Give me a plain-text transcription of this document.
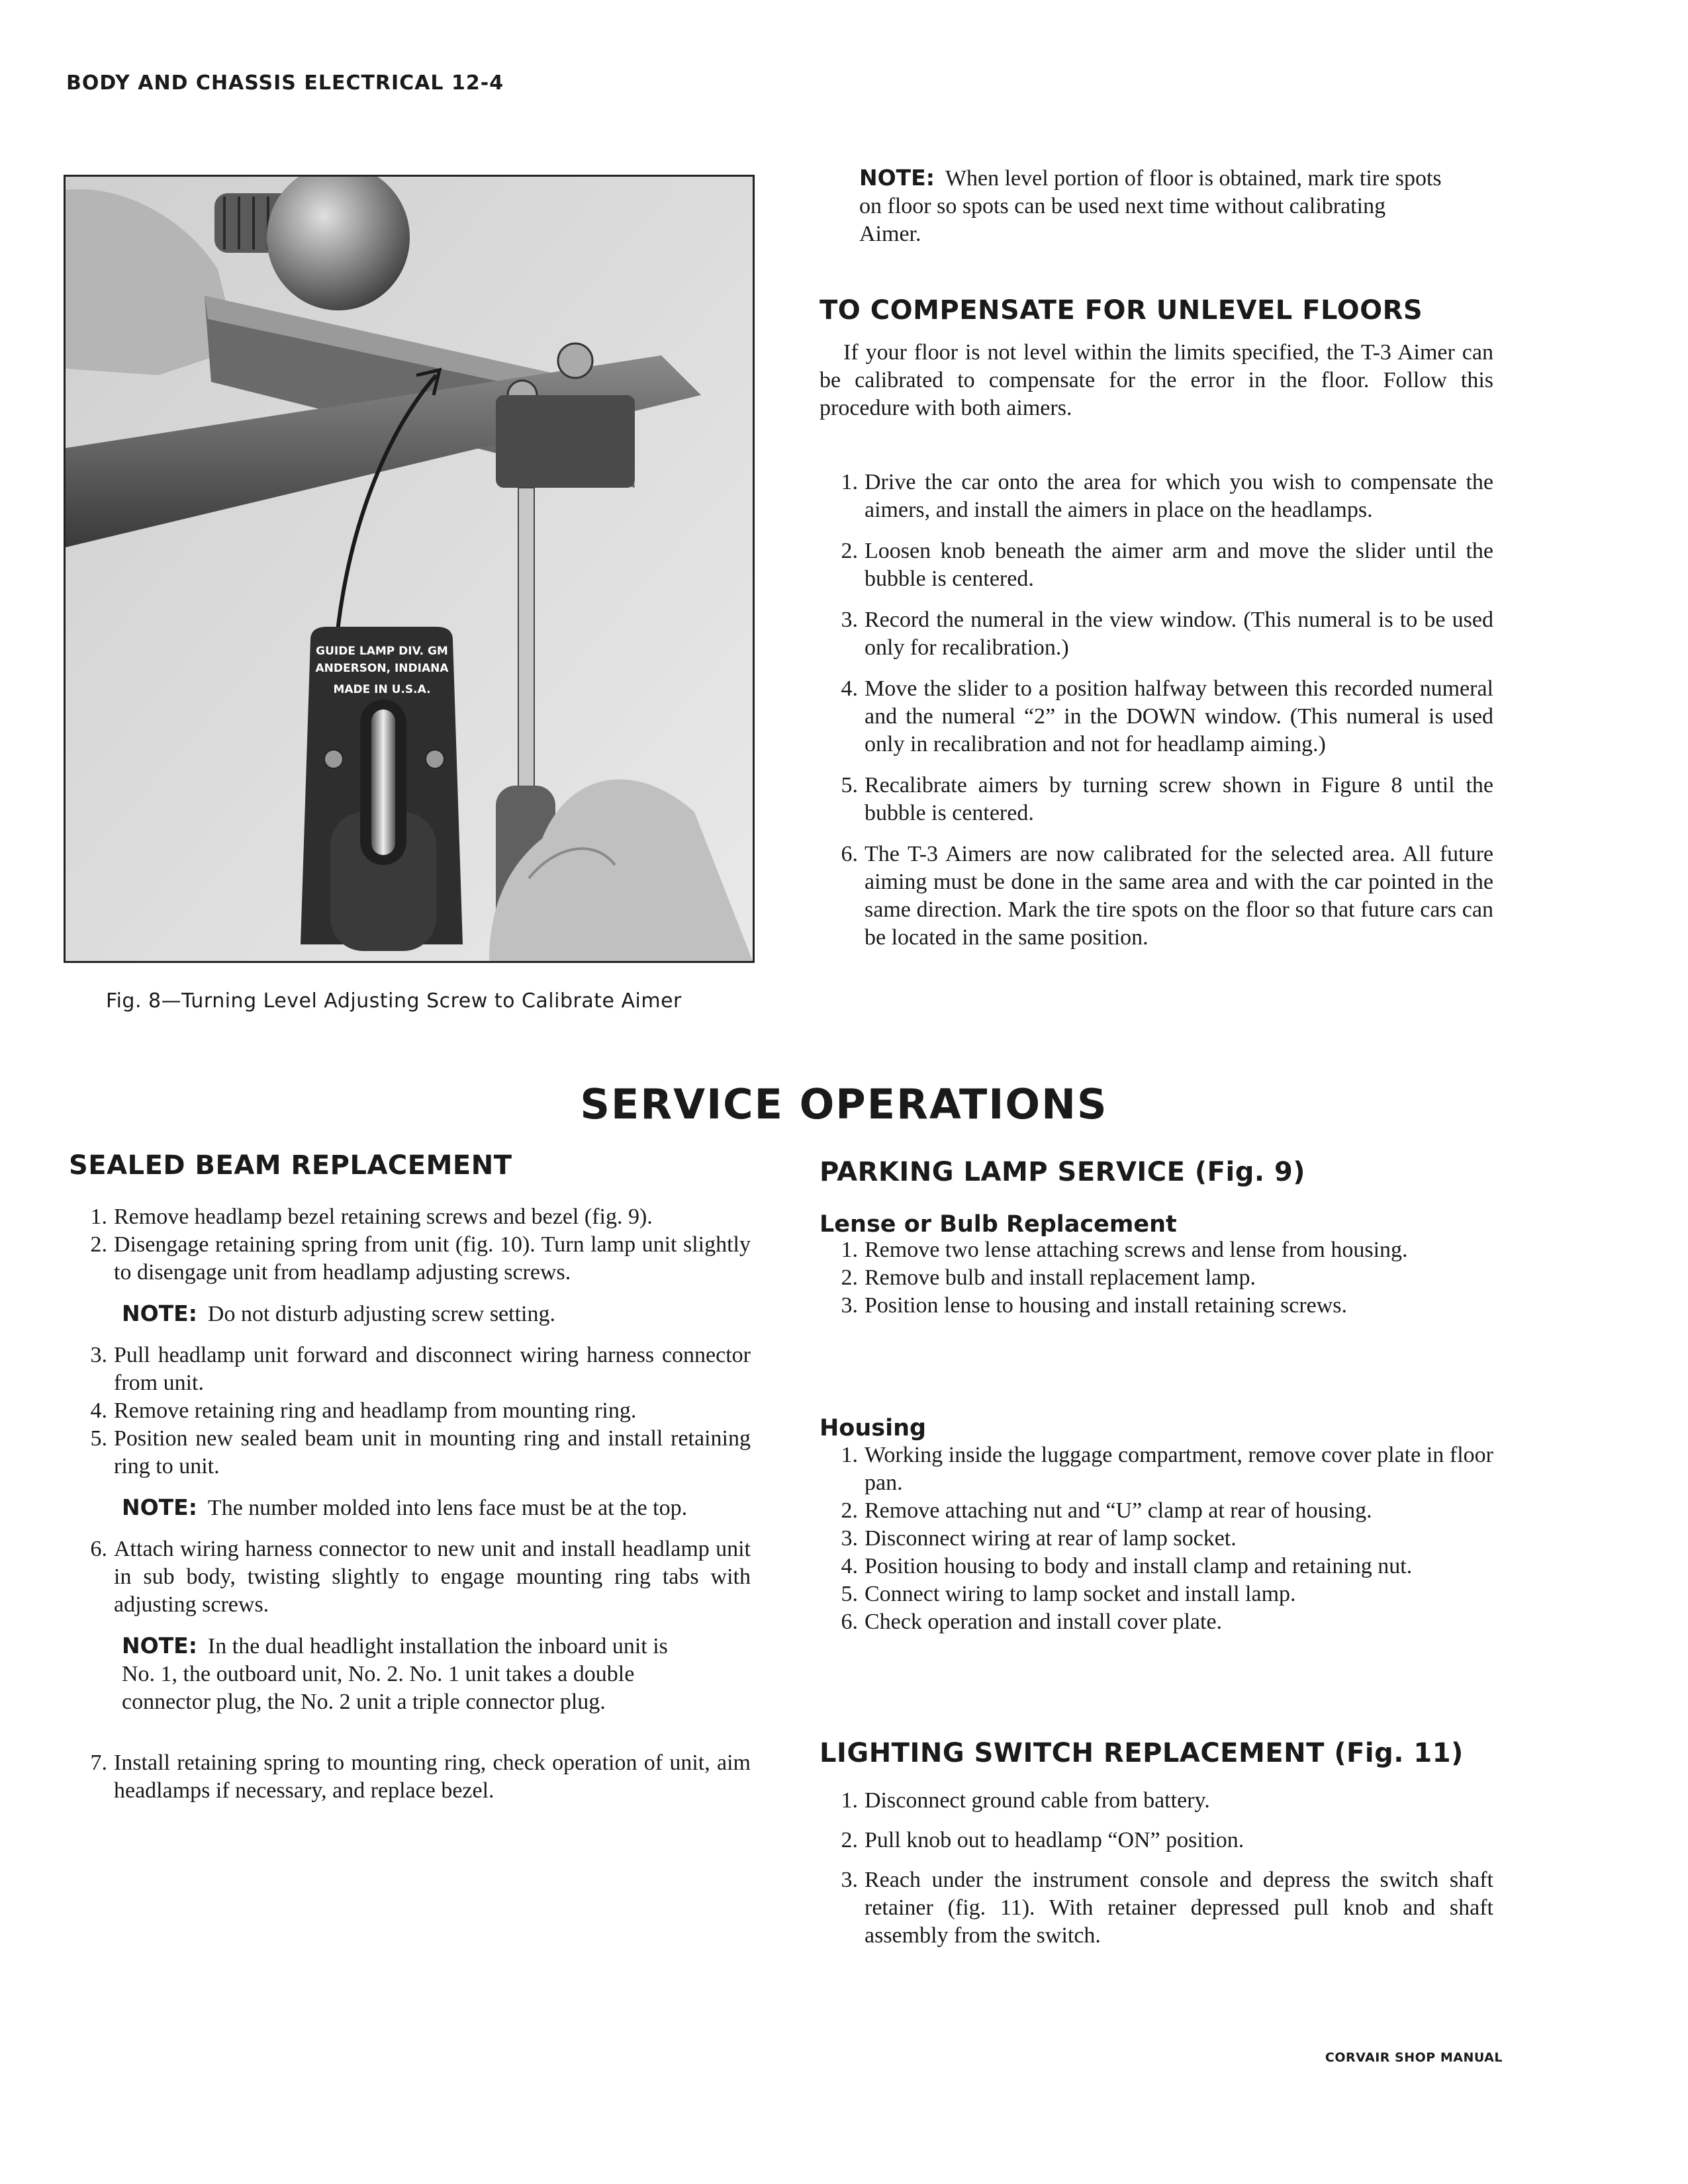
BODY AND CHASSIS ELECTRICAL 12-4
GUIDE LAMP DIV. GM
ANDERSON, INDIANA
MADE IN U.S.A.
Fig. 8—Turning Level Adjusting Screw to Calibrate Aimer
NOTE: When level portion of floor is obtained, mark tire spots on floor so spots can be used next time without calibrating Aimer.
TO COMPENSATE FOR UNLEVEL FLOORS
If your floor is not level within the limits specified, the T-3 Aimer can be calibrated to compensate for the error in the floor. Follow this procedure with both aimers.
1. Drive the car onto the area for which you wish to compensate the aimers, and install the aimers in place on the headlamps.
2. Loosen knob beneath the aimer arm and move the slider until the bubble is centered.
3. Record the numeral in the view window. (This numeral is to be used only for recalibration.)
4. Move the slider to a position halfway between this recorded numeral and the numeral “2” in the DOWN window. (This numeral is used only in recalibration and not for headlamp aiming.)
5. Recalibrate aimers by turning screw shown in Figure 8 until the bubble is centered.
6. The T-3 Aimers are now calibrated for the selected area. All future aiming must be done in the same area and with the car pointed in the same direction. Mark the tire spots on the floor so that future cars can be located in the same position.
SERVICE OPERATIONS
SEALED BEAM REPLACEMENT
1. Remove headlamp bezel retaining screws and bezel (fig. 9).
2. Disengage retaining spring from unit (fig. 10). Turn lamp unit slightly to disengage unit from headlamp adjusting screws.
NOTE: Do not disturb adjusting screw setting.
3. Pull headlamp unit forward and disconnect wiring harness connector from unit.
4. Remove retaining ring and headlamp from mounting ring.
5. Position new sealed beam unit in mounting ring and install retaining ring to unit.
NOTE: The number molded into lens face must be at the top.
6. Attach wiring harness connector to new unit and install headlamp unit in sub body, twisting slightly to engage mounting ring tabs with adjusting screws.
NOTE: In the dual headlight installation the inboard unit is No. 1, the outboard unit, No. 2. No. 1 unit takes a double connector plug, the No. 2 unit a triple connector plug.
7. Install retaining spring to mounting ring, check operation of unit, aim headlamps if necessary, and replace bezel.
PARKING LAMP SERVICE (Fig. 9)
Lense or Bulb Replacement
1. Remove two lense attaching screws and lense from housing.
2. Remove bulb and install replacement lamp.
3. Position lense to housing and install retaining screws.
Housing
1. Working inside the luggage compartment, remove cover plate in floor pan.
2. Remove attaching nut and “U” clamp at rear of housing.
3. Disconnect wiring at rear of lamp socket.
4. Position housing to body and install clamp and retaining nut.
5. Connect wiring to lamp socket and install lamp.
6. Check operation and install cover plate.
LIGHTING SWITCH REPLACEMENT (Fig. 11)
1. Disconnect ground cable from battery.
2. Pull knob out to headlamp “ON” position.
3. Reach under the instrument console and depress the switch shaft retainer (fig. 11). With retainer depressed pull knob and shaft assembly from the switch.
CORVAIR SHOP MANUAL
